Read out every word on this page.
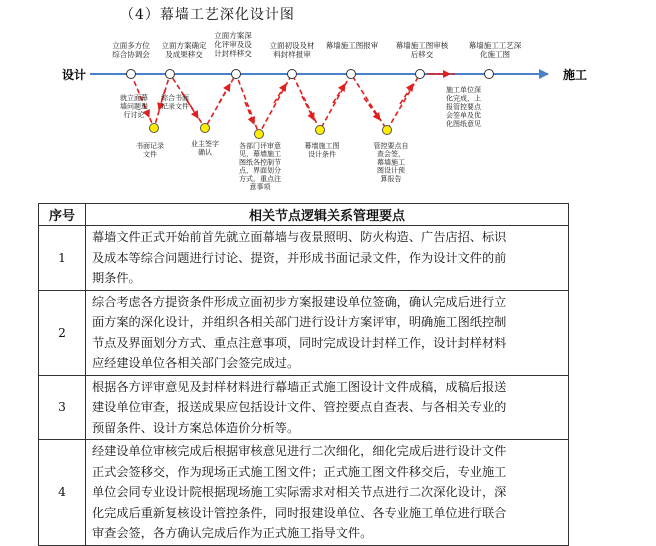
（4）幕墙工艺深化设计图
设计	施工
立面多方位综合协调会
立面方案确定及成果移交
立面方案深化评审及设计封样移交
立面初设及材料封样报审
幕墙施工图报审 幕墙施工图审核后移交
幕墙施工工艺深化施工图
就立面幕墙问题进行讨论
综合书面记录文件
书面记录文件
业主签字确认
各部门评审意见，幕墙施工图纸各控制节点，界面划分方式，重点注意事项
幕墙施工图设计条件
管控要点自查会签，幕墙施工图设计预算报告
施工单位深化完成，上报管控要点会签单及优化图纸意见
序号	相关节点逻辑关系管理要点
1	幕墙文件正式开始前首先就立面幕墙与夜景照明、防火构造、广告店招、标识
及成本等综合问题进行讨论、提资，并形成书面记录文件，作为设计文件的前
期条件。

2	综合考虑各方提资条件形成立面初步方案报建设单位签确，确认完成后进行立
面方案的深化设计，并组织各相关部门进行设计方案评审，明确施工图纸控制
节点及界面划分方式、重点注意事项，同时完成设计封样工作，设计封样材料
应经建设单位各相关部门会签完成过。

3	根据各方评审意见及封样材料进行幕墙正式施工图设计文件成稿，成稿后报送
建设单位审查，报送成果应包括设计文件、管控要点自查表、与各相关专业的
预留条件、设计方案总体造价分析等。

4	经建设单位审核完成后根据审核意见进行二次细化，细化完成后进行设计文件
正式会签移交，作为现场正式施工图文件；正式施工图文件移交后，专业施工
单位会同专业设计院根据现场施工实际需求对相关节点进行二次深化设计，深
化完成后重新复核设计管控条件，同时报建设单位、各专业施工单位进行联合
审查会签，各方确认完成后作为正式施工指导文件。
